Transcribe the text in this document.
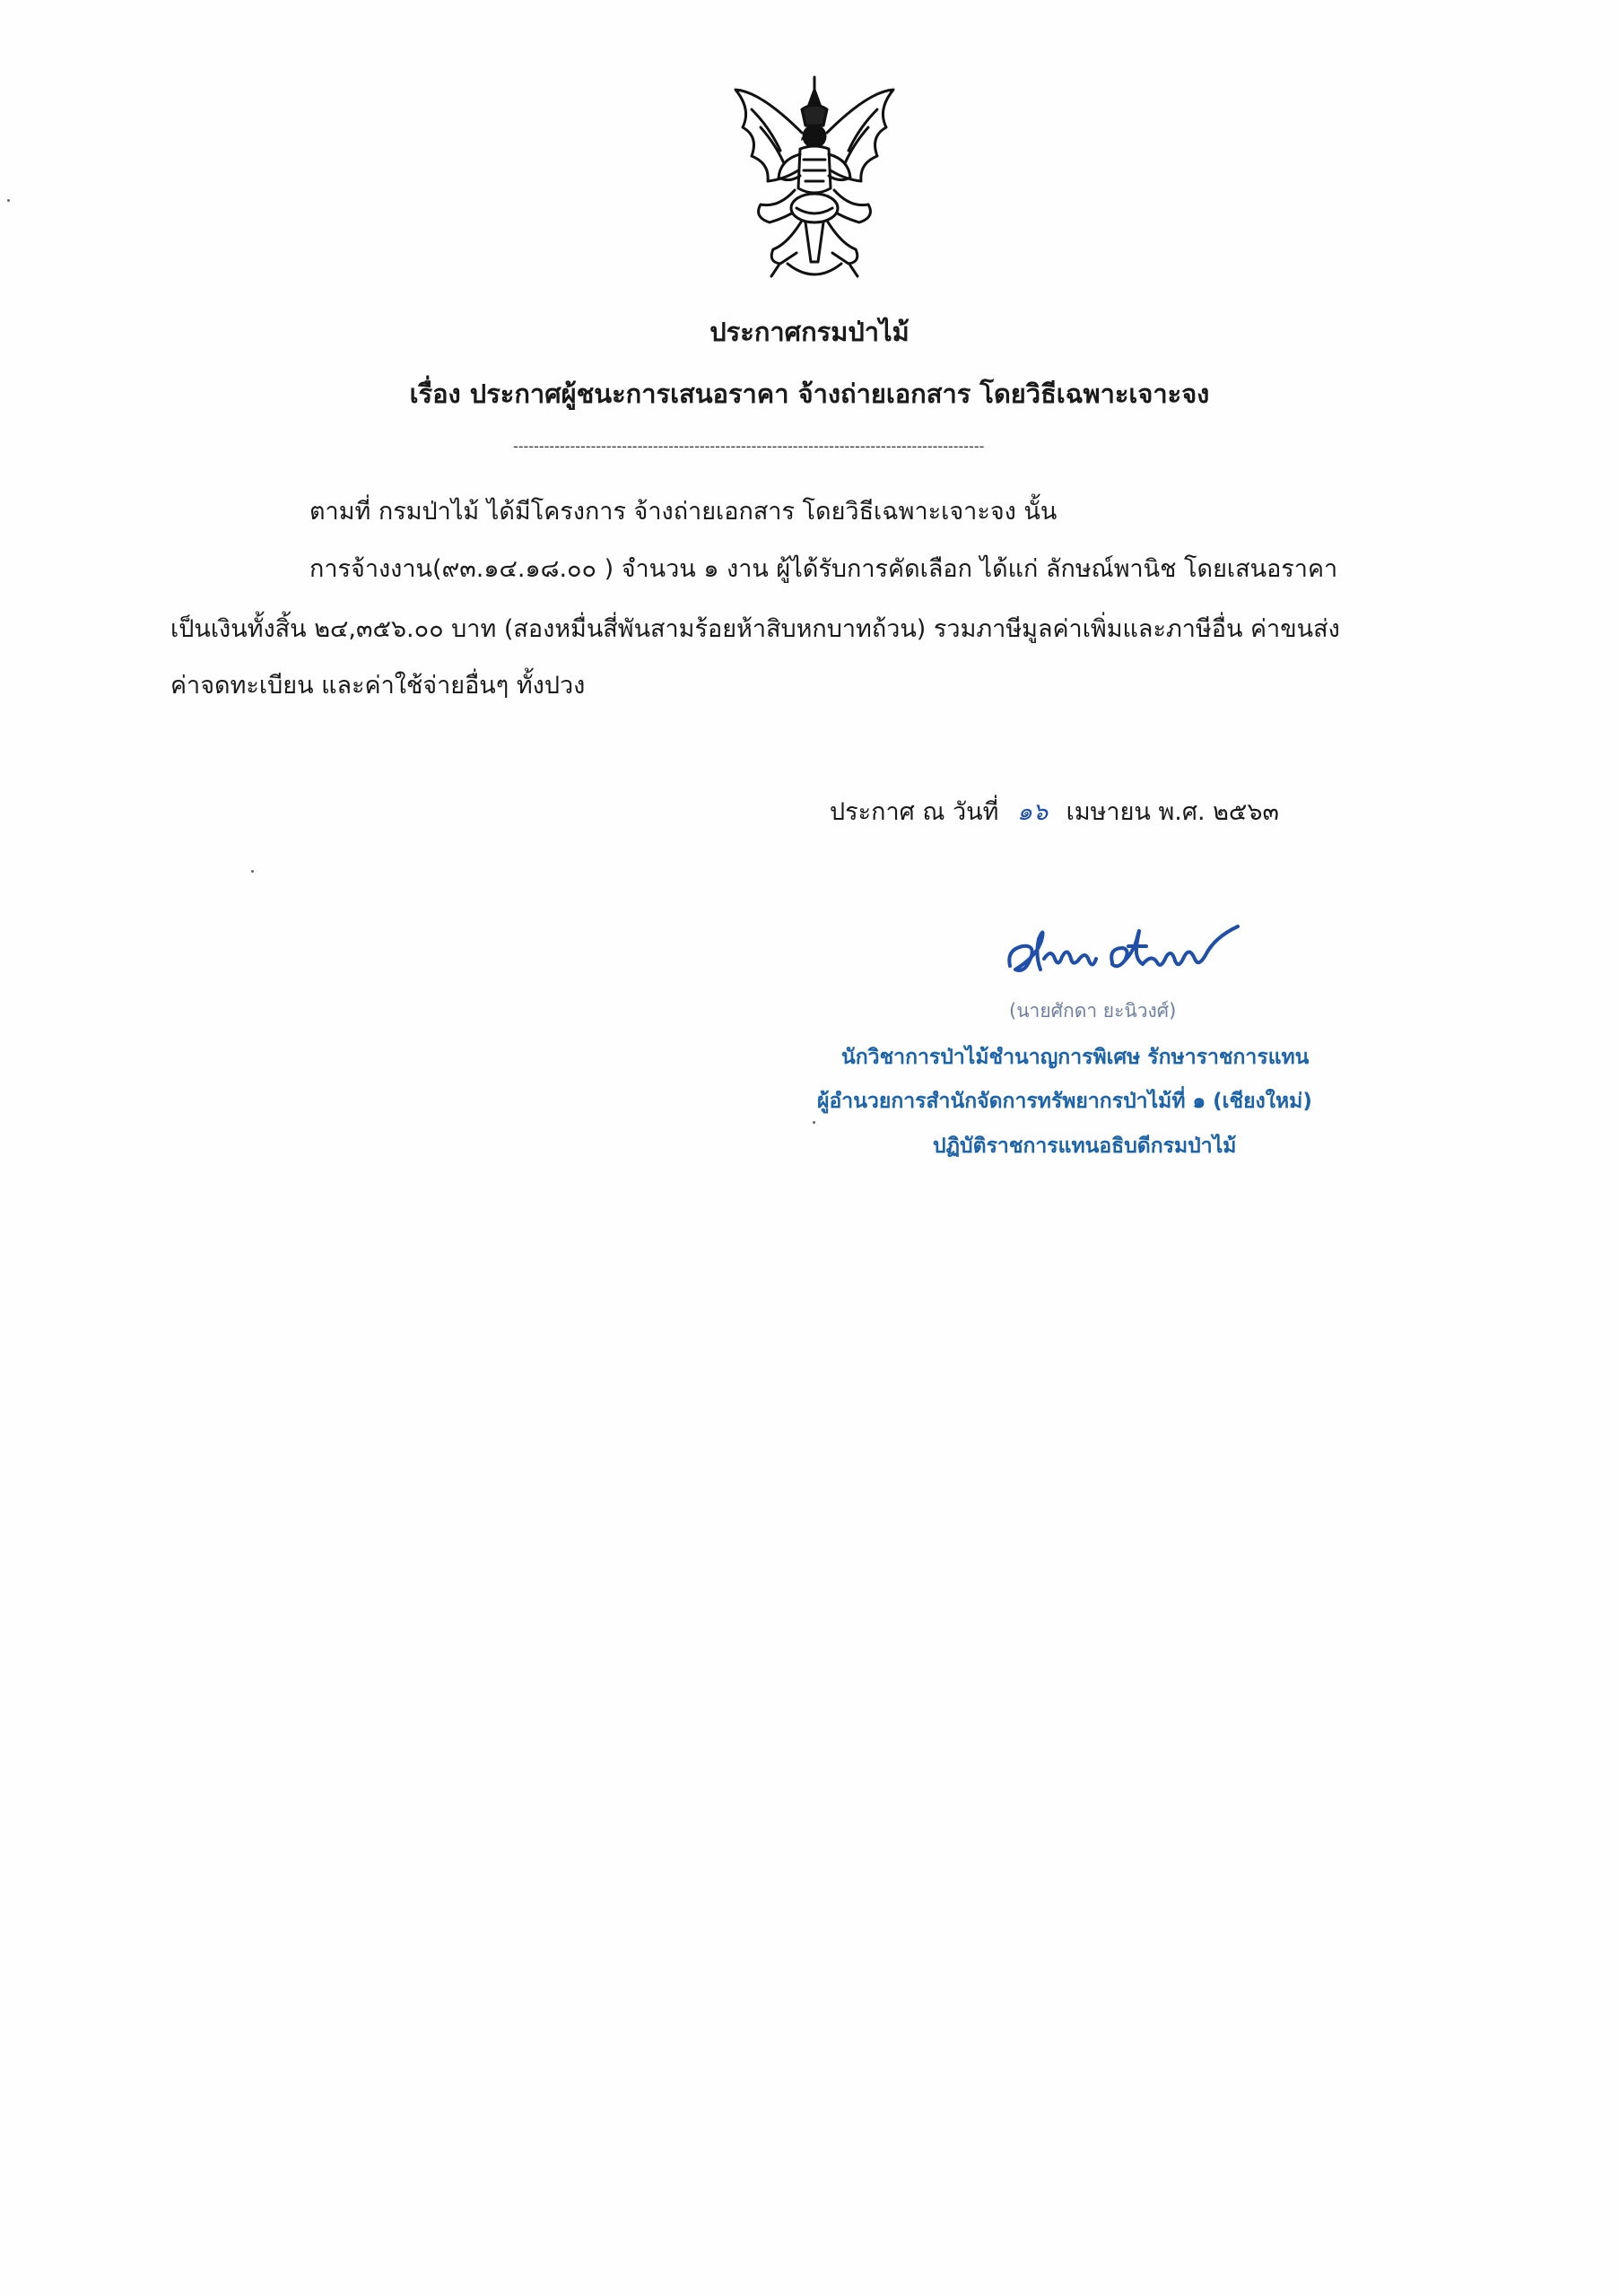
ประกาศกรมป่าไม้
เรื่อง ประกาศผู้ชนะการเสนอราคา จ้างถ่ายเอกสาร โดยวิธีเฉพาะเจาะจง
-------------------------------------------------------------------------------------------
ตามที่ กรมป่าไม้ ได้มีโครงการ จ้างถ่ายเอกสาร โดยวิธีเฉพาะเจาะจง นั้น
การจ้างงาน(๙๓.๑๔.๑๘.๐๐ ) จำนวน ๑ งาน ผู้ได้รับการคัดเลือก ได้แก่ ลักษณ์พานิช โดยเสนอราคา
เป็นเงินทั้งสิ้น ๒๔,๓๕๖.๐๐ บาท (สองหมื่นสี่พันสามร้อยห้าสิบหกบาทถ้วน) รวมภาษีมูลค่าเพิ่มและภาษีอื่น ค่าขนส่ง
ค่าจดทะเบียน และค่าใช้จ่ายอื่นๆ ทั้งปวง
ประกาศ ณ วันที่ ๑๖ เมษายน พ.ศ. ๒๕๖๓
(นายศักดา ยะนิวงศ์)
นักวิชาการป่าไม้ชำนาญการพิเศษ รักษาราชการแทน
ผู้อำนวยการสำนักจัดการทรัพยากรป่าไม้ที่ ๑ (เชียงใหม่)
ปฏิบัติราชการแทนอธิบดีกรมป่าไม้
